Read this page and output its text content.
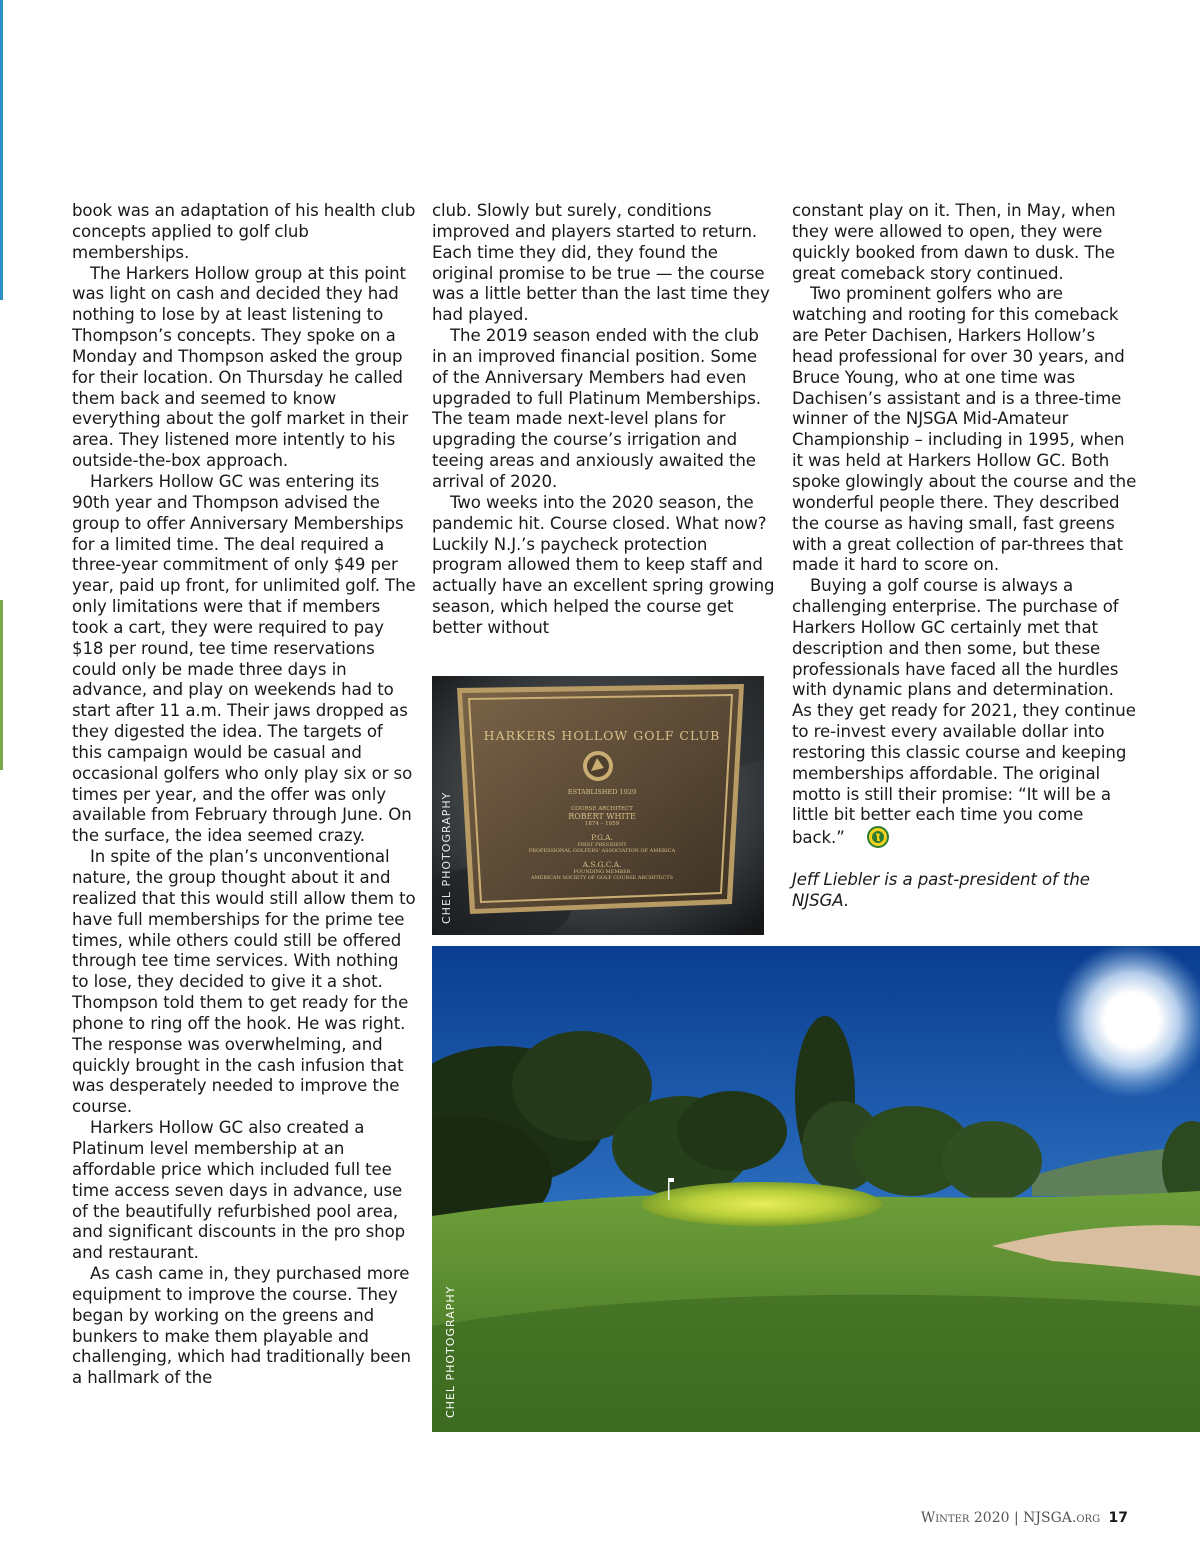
book was an adaptation of his health club concepts applied to golf club memberships.

The Harkers Hollow group at this point was light on cash and decided they had nothing to lose by at least listening to Thompson’s concepts. They spoke on a Monday and Thompson asked the group for their location. On Thursday he called them back and seemed to know everything about the golf market in their area. They listened more intently to his outside-the-box approach.

Harkers Hollow GC was entering its 90th year and Thompson advised the group to offer Anniversary Memberships for a limited time. The deal required a three-year commitment of only $49 per year, paid up front, for unlimited golf. The only limitations were that if members took a cart, they were required to pay $18 per round, tee time reservations could only be made three days in advance, and play on weekends had to start after 11 a.m. Their jaws dropped as they digested the idea. The targets of this campaign would be casual and occasional golfers who only play six or so times per year, and the offer was only available from February through June. On the surface, the idea seemed crazy.

In spite of the plan’s unconventional nature, the group thought about it and realized that this would still allow them to have full memberships for the prime tee times, while others could still be offered through tee time services. With nothing to lose, they decided to give it a shot. Thompson told them to get ready for the phone to ring off the hook. He was right. The response was overwhelming, and quickly brought in the cash infusion that was desperately needed to improve the course.

Harkers Hollow GC also created a Platinum level membership at an affordable price which included full tee time access seven days in advance, use of the beautifully refurbished pool area, and significant discounts in the pro shop and restaurant.

As cash came in, they purchased more equipment to improve the course. They began by working on the greens and bunkers to make them playable and challenging, which had traditionally been a hallmark of the

club. Slowly but surely, conditions improved and players started to return. Each time they did, they found the original promise to be true — the course was a little better than the last time they had played.

The 2019 season ended with the club in an improved financial position. Some of the Anniversary Members had even upgraded to full Platinum Memberships. The team made next-level plans for upgrading the course’s irrigation and teeing areas and anxiously awaited the arrival of 2020.

Two weeks into the 2020 season, the pandemic hit. Course closed. What now? Luckily N.J.’s paycheck protection program allowed them to keep staff and actually have an excellent spring growing season, which helped the course get better without

constant play on it. Then, in May, when they were allowed to open, they were quickly booked from dawn to dusk. The great comeback story continued.

Two prominent golfers who are watching and rooting for this comeback are Peter Dachisen, Harkers Hollow’s head professional for over 30 years, and Bruce Young, who at one time was Dachisen’s assistant and is a three-time winner of the NJSGA Mid-Amateur Championship – including in 1995, when it was held at Harkers Hollow GC. Both spoke glowingly about the course and the wonderful people there. They described the course as having small, fast greens with a great collection of par-threes that made it hard to score on.

Buying a golf course is always a challenging enterprise. The purchase of Harkers Hollow GC certainly met that description and then some, but these professionals have faced all the hurdles with dynamic plans and determination. As they get ready for 2021, they continue to re-invest every available dollar into restoring this classic course and keeping memberships affordable. The original motto is still their promise: “It will be a little bit better each time you come back.”

Jeff Liebler is a past-president of the NJSGA.

HARKERS HOLLOW GOLF CLUB
ESTABLISHED 1929
COURSE ARCHITECT
ROBERT WHITE
1874 – 1959
P.G.A.
FIRST PRESIDENT
PROFESSIONAL GOLFERS' ASSOCIATION OF AMERICA
A.S.G.C.A.
FOUNDING MEMBER
AMERICAN SOCIETY OF GOLF COURSE ARCHITECTS
CHEL PHOTOGRAPHY
CHEL PHOTOGRAPHY
Winter 2020 | NJSGA.org 17
